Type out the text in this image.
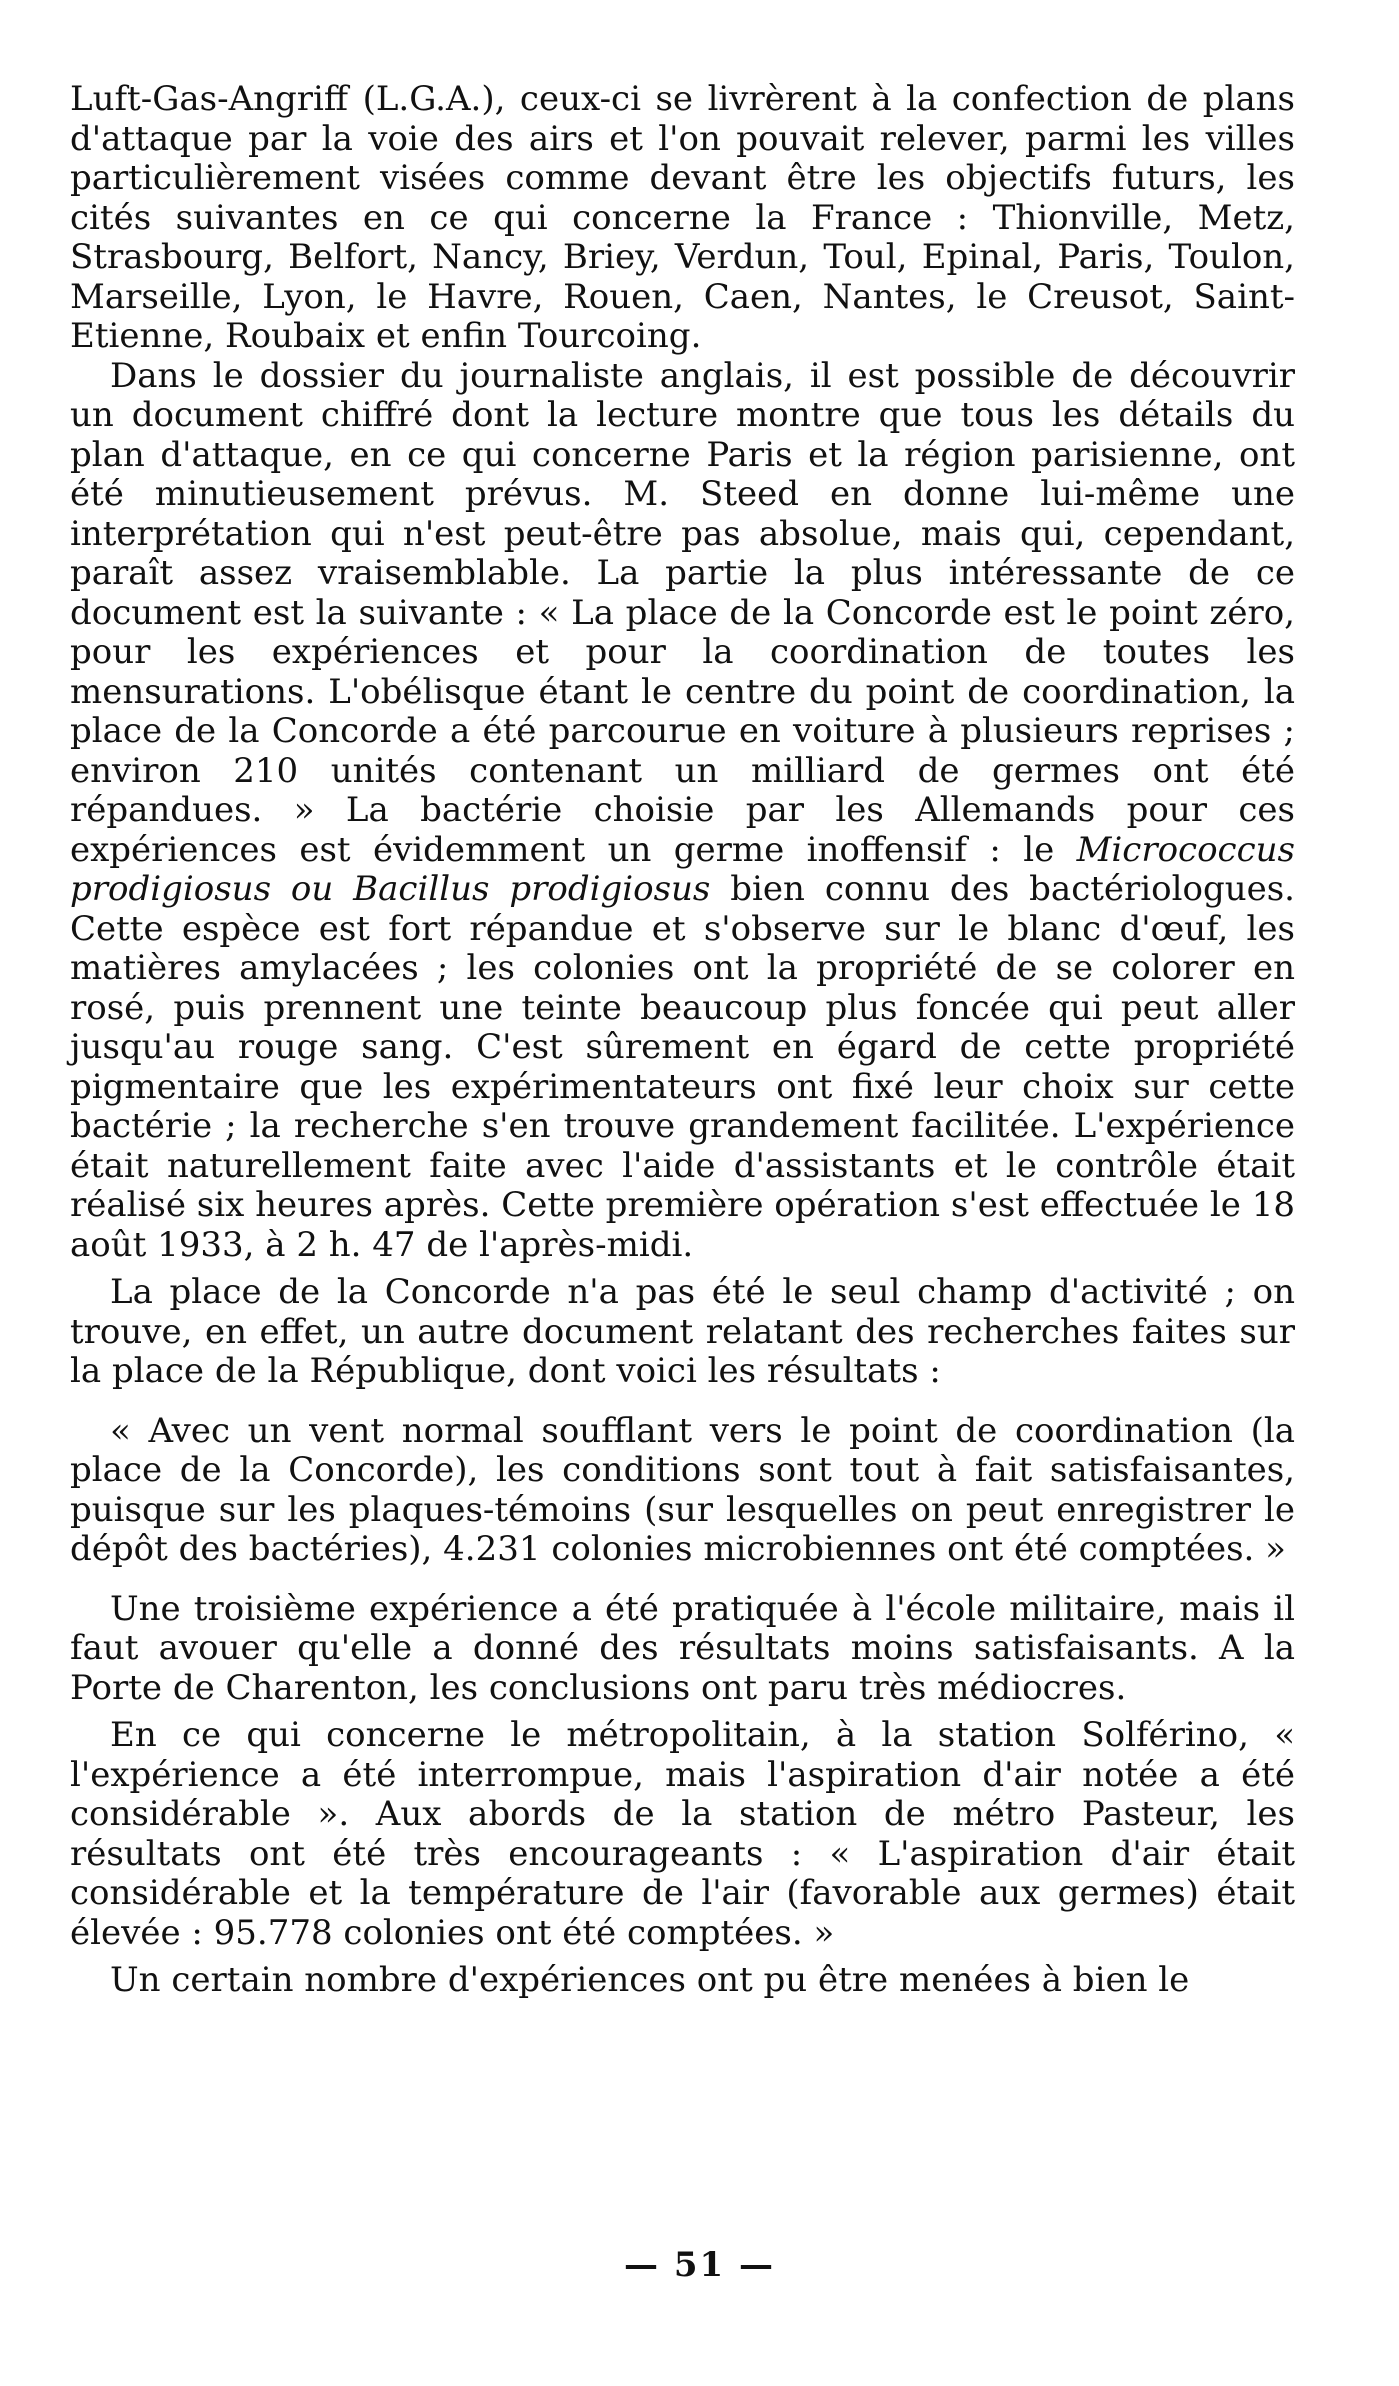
Luft-Gas-Angriff (L.G.A.), ceux-ci se livrèrent à la confection de plans d'attaque par la voie des airs et l'on pouvait relever, parmi les villes particulièrement visées comme devant être les objectifs futurs, les cités suivantes en ce qui concerne la France : Thionville, Metz, Strasbourg, Belfort, Nancy, Briey, Verdun, Toul, Epinal, Paris, Toulon, Marseille, Lyon, le Havre, Rouen, Caen, Nantes, le Creusot, Saint-Etienne, Roubaix et enfin Tourcoing.

Dans le dossier du journaliste anglais, il est possible de découvrir un document chiffré dont la lecture montre que tous les détails du plan d'attaque, en ce qui concerne Paris et la région parisienne, ont été minutieusement prévus. M. Steed en donne lui-même une interprétation qui n'est peut-être pas absolue, mais qui, cependant, paraît assez vraisemblable. La partie la plus intéressante de ce document est la suivante : « La place de la Concorde est le point zéro, pour les expériences et pour la coordination de toutes les mensurations. L'obélisque étant le centre du point de coordination, la place de la Concorde a été parcourue en voiture à plusieurs reprises ; environ 210 unités contenant un milliard de germes ont été répandues. » La bactérie choisie par les Allemands pour ces expériences est évidemment un germe inoffensif : le Micrococcus prodigiosus ou Bacillus prodigiosus bien connu des bactériologues. Cette espèce est fort répandue et s'observe sur le blanc d'œuf, les matières amylacées ; les colonies ont la propriété de se colorer en rosé, puis prennent une teinte beaucoup plus foncée qui peut aller jusqu'au rouge sang. C'est sûrement en égard de cette propriété pigmentaire que les expérimentateurs ont fixé leur choix sur cette bactérie ; la recherche s'en trouve grandement facilitée. L'expérience était naturellement faite avec l'aide d'assistants et le contrôle était réalisé six heures après. Cette première opération s'est effectuée le 18 août 1933, à 2 h. 47 de l'après-midi.

La place de la Concorde n'a pas été le seul champ d'activité ; on trouve, en effet, un autre document relatant des recherches faites sur la place de la République, dont voici les résultats :

« Avec un vent normal soufflant vers le point de coordination (la place de la Concorde), les conditions sont tout à fait satisfaisantes, puisque sur les plaques-témoins (sur lesquelles on peut enregistrer le dépôt des bactéries), 4.231 colonies microbiennes ont été comptées. »

Une troisième expérience a été pratiquée à l'école militaire, mais il faut avouer qu'elle a donné des résultats moins satisfaisants. A la Porte de Charenton, les conclusions ont paru très médiocres.

En ce qui concerne le métropolitain, à la station Solférino, « l'expérience a été interrompue, mais l'aspiration d'air notée a été considérable ». Aux abords de la station de métro Pasteur, les résultats ont été très encourageants : « L'aspiration d'air était considérable et la température de l'air (favorable aux germes) était élevée : 95.778 colonies ont été comptées. »

Un certain nombre d'expériences ont pu être menées à bien le

— 51 —
